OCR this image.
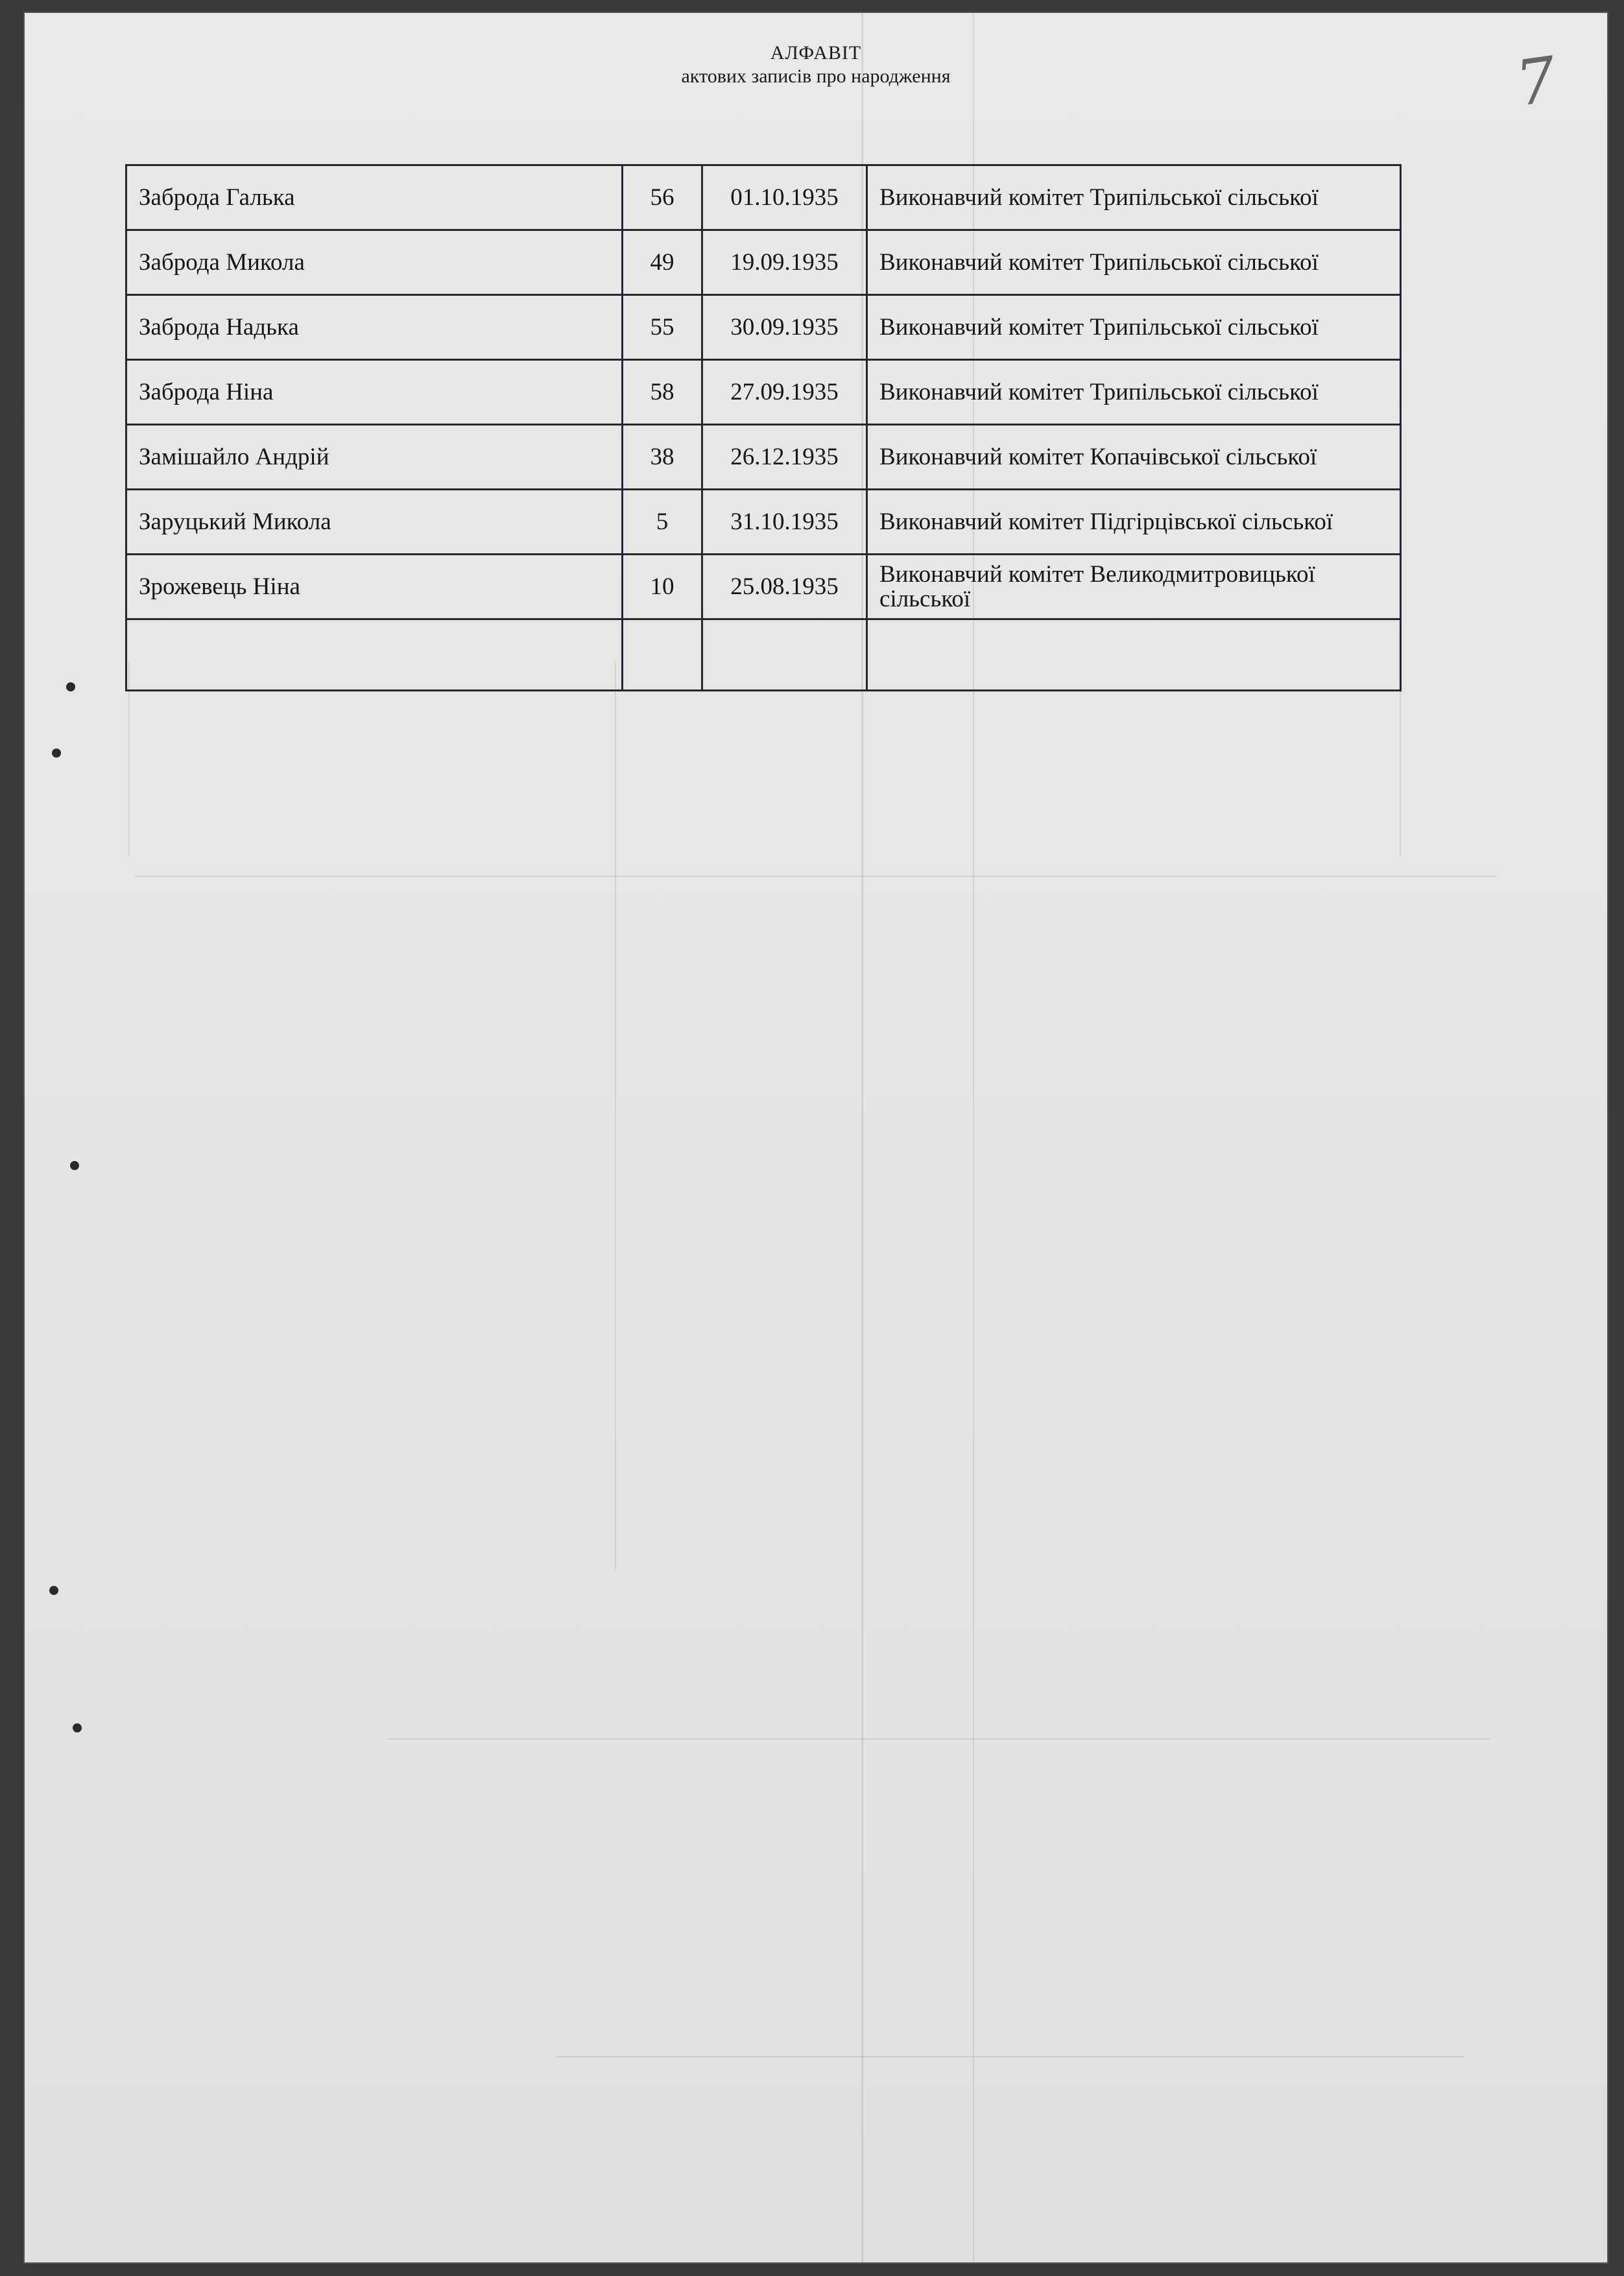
7
АЛФАВІТ
актових записів про народження
Заброда Галька	56	01.10.1935	Виконавчий комітет Трипільської сільської
Заброда Микола	49	19.09.1935	Виконавчий комітет Трипільської сільської
Заброда Надька	55	30.09.1935	Виконавчий комітет Трипільської сільської
Заброда Ніна	58	27.09.1935	Виконавчий комітет Трипільської сільської
Замішайло Андрій	38	26.12.1935	Виконавчий комітет Копачівської сільської
Заруцький Микола	5	31.10.1935	Виконавчий комітет Підгірцівської сільської
Зрожевець Ніна	10	25.08.1935	Виконавчий комітет Великодмитровицької сільської
